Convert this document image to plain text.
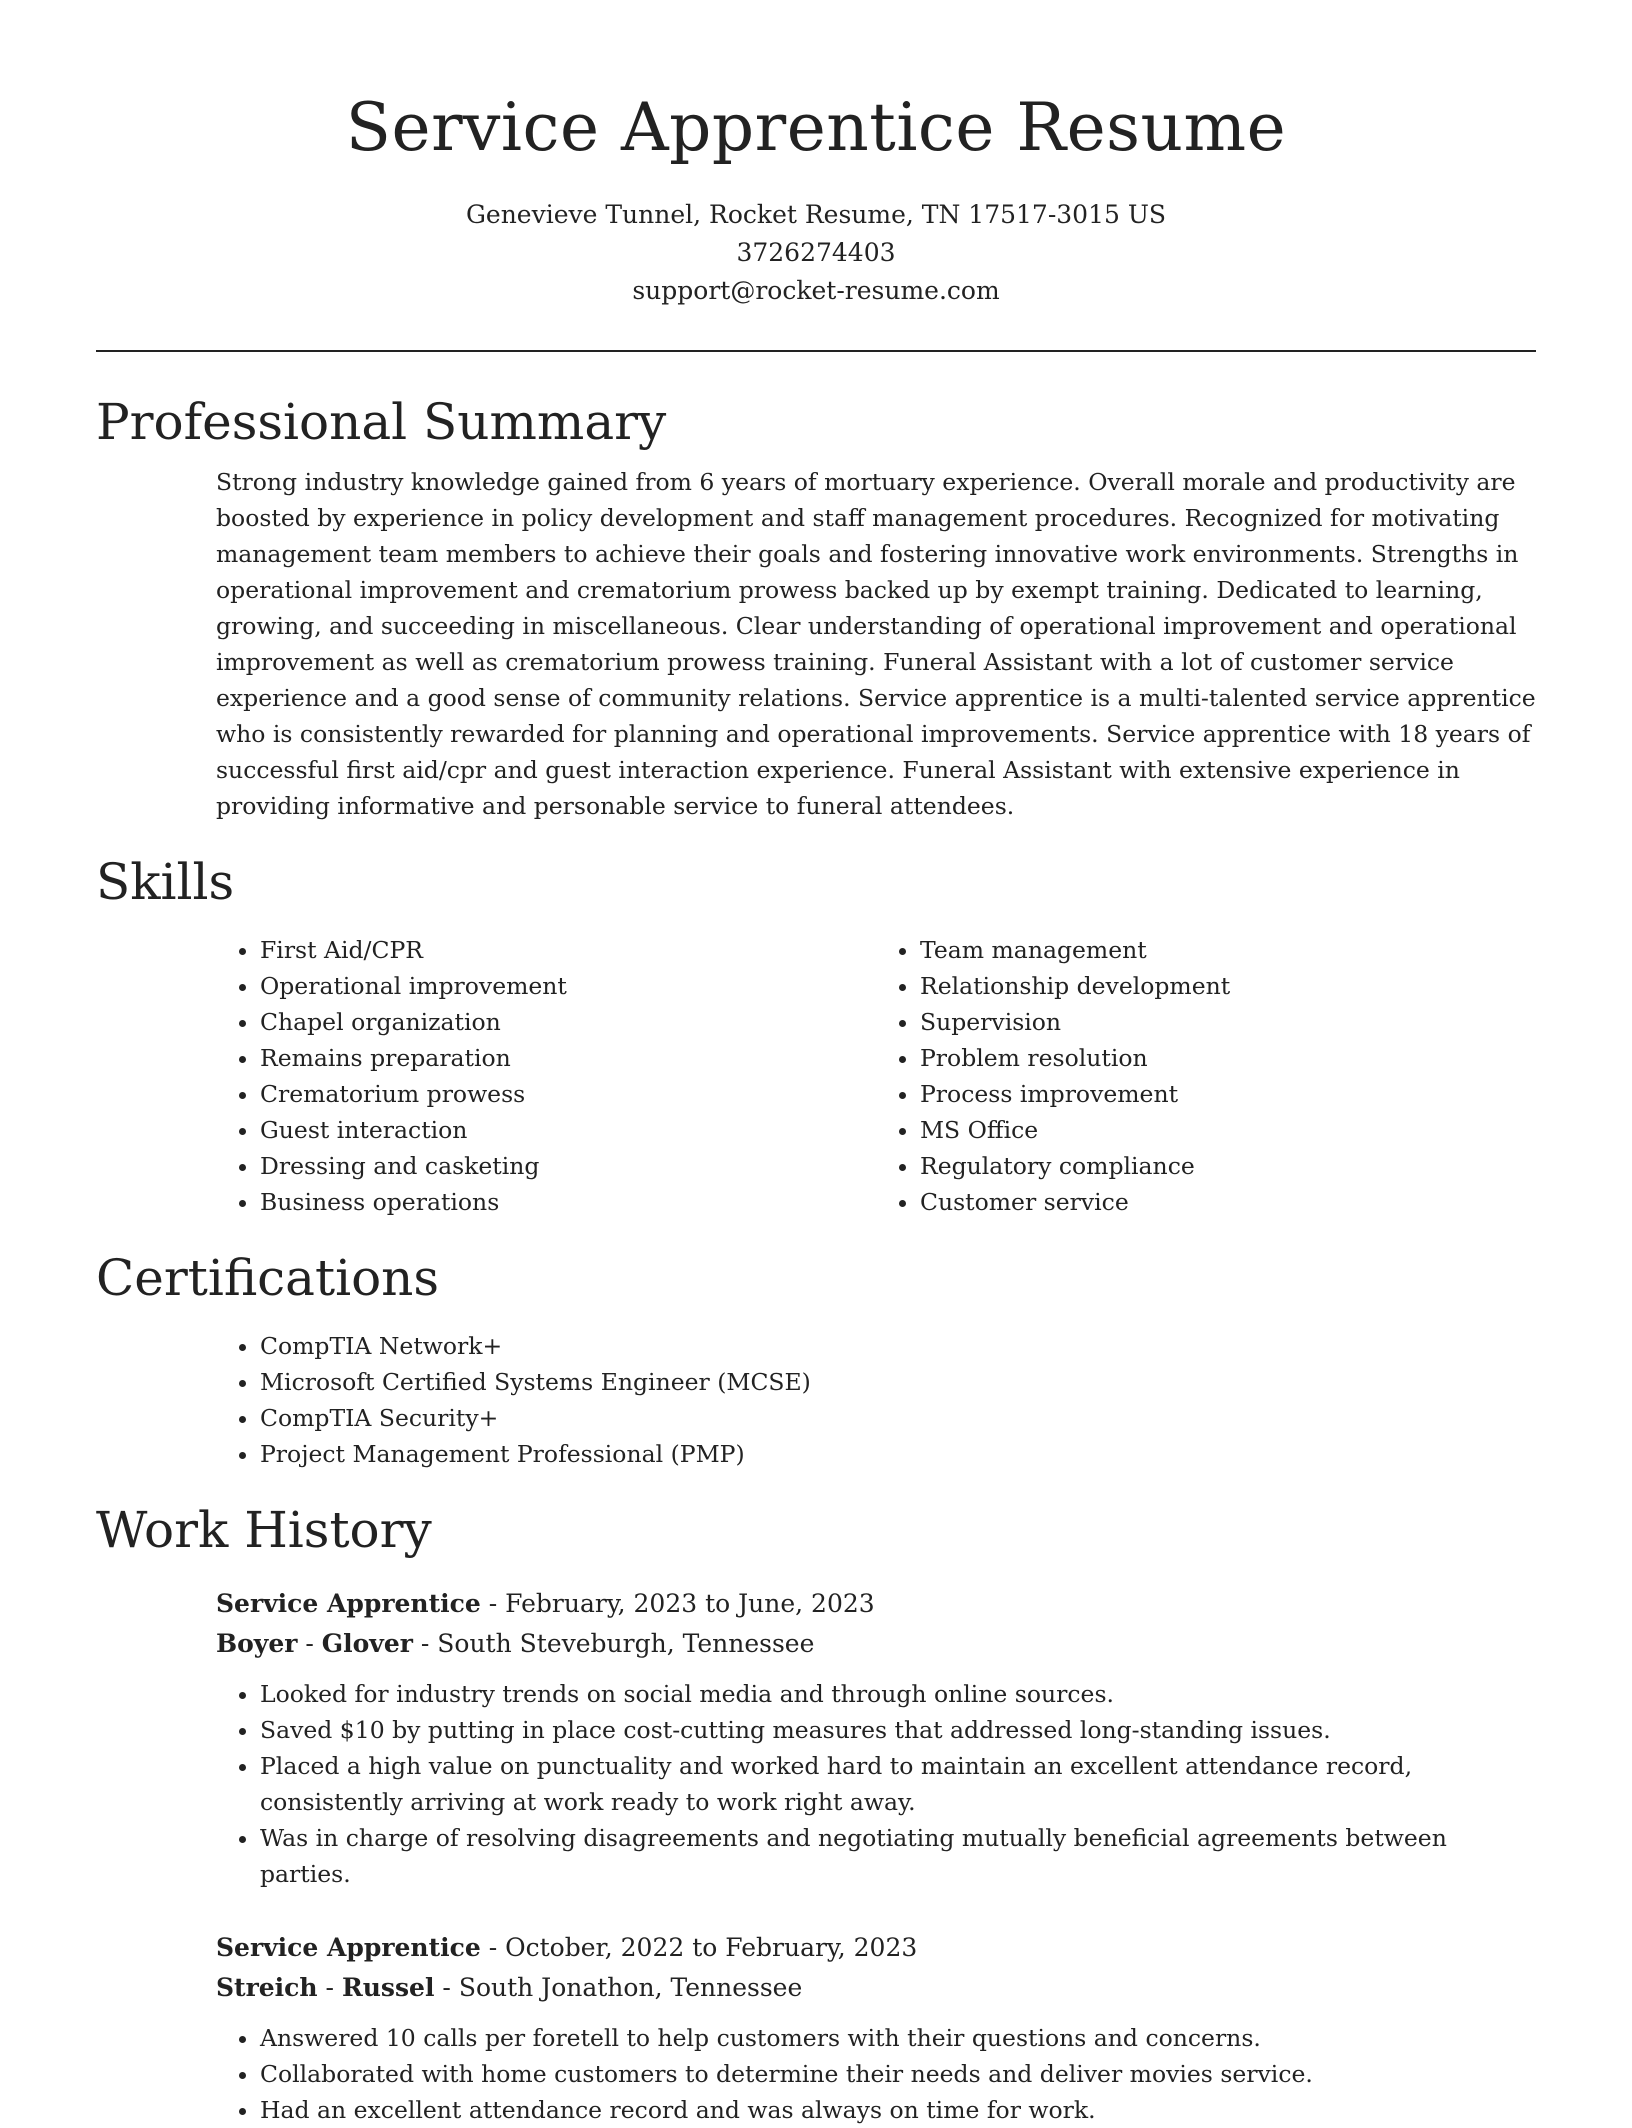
Service Apprentice Resume
Genevieve Tunnel, Rocket Resume, TN 17517-3015 US
3726274403
support@rocket-resume.com
Professional Summary

Strong industry knowledge gained from 6 years of mortuary experience. Overall morale and productivity are boosted by experience in policy development and staff management procedures. Recognized for motivating management team members to achieve their goals and fostering innovative work environments. Strengths in operational improvement and crematorium prowess backed up by exempt training. Dedicated to learning, growing, and succeeding in miscellaneous. Clear understanding of operational improvement and operational improvement as well as crematorium prowess training. Funeral Assistant with a lot of customer service experience and a good sense of community relations. Service apprentice is a multi-talented service apprentice who is consistently rewarded for planning and operational improvements. Service apprentice with 18 years of successful first aid/cpr and guest interaction experience. Funeral Assistant with extensive experience in providing informative and personable service to funeral attendees.

Skills
• First Aid/CPR
• Operational improvement
• Chapel organization
• Remains preparation
• Crematorium prowess
• Guest interaction
• Dressing and casketing
• Business operations
• Team management
• Relationship development
• Supervision
• Problem resolution
• Process improvement
• MS Office
• Regulatory compliance
• Customer service
Certifications
• CompTIA Network+
• Microsoft Certified Systems Engineer (MCSE)
• CompTIA Security+
• Project Management Professional (PMP)
Work History
Service Apprentice - February, 2023 to June, 2023
Boyer - Glover - South Steveburgh, Tennessee
• Looked for industry trends on social media and through online sources.
• Saved $10 by putting in place cost-cutting measures that addressed long-standing issues.
• Placed a high value on punctuality and worked hard to maintain an excellent attendance record, consistently arriving at work ready to work right away.
• Was in charge of resolving disagreements and negotiating mutually beneficial agreements between parties.
Service Apprentice - October, 2022 to February, 2023
Streich - Russel - South Jonathon, Tennessee
• Answered 10 calls per foretell to help customers with their questions and concerns.
• Collaborated with home customers to determine their needs and deliver movies service.
• Had an excellent attendance record and was always on time for work.
